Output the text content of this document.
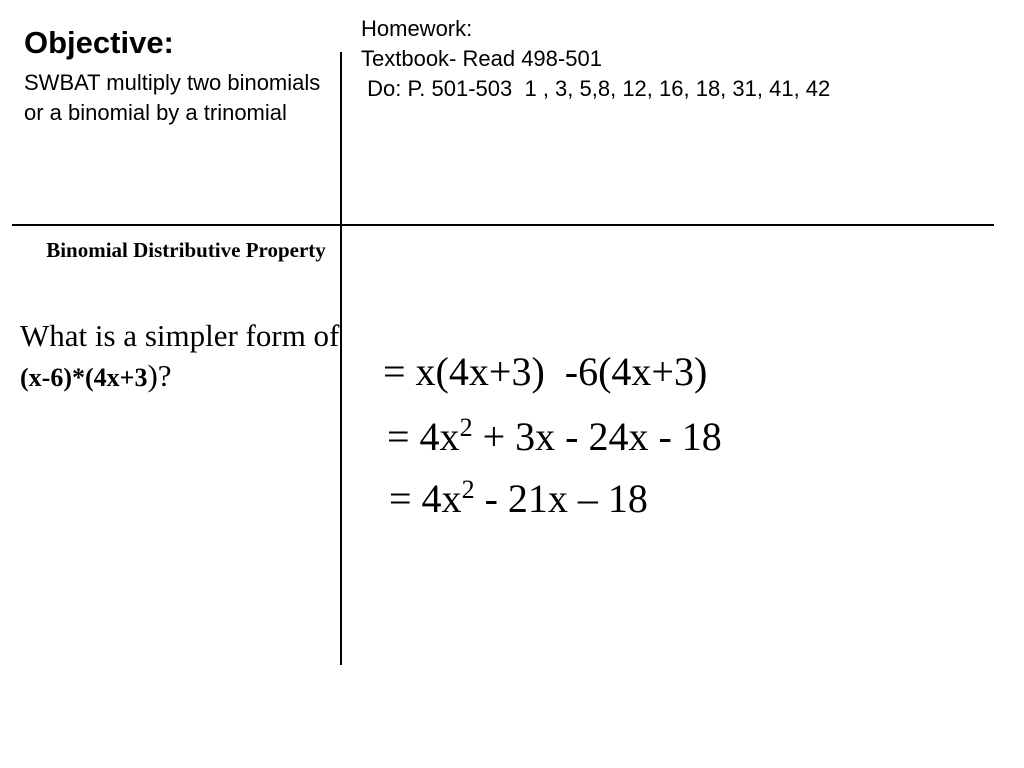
Objective:
SWBAT multiply two binomials or a binomial by a trinomial
Homework:
Textbook- Read 498-501
Do: P. 501-503  1 , 3, 5,8, 12, 16, 18, 31, 41, 42
Binomial Distributive Property
What is a simpler form of (x-6)*(4x+3)?	= x(4x+3)  -6(4x+3)
= $4x^2 + 3x - 24x - 18$
= $4x^2 - 21x - 18$
